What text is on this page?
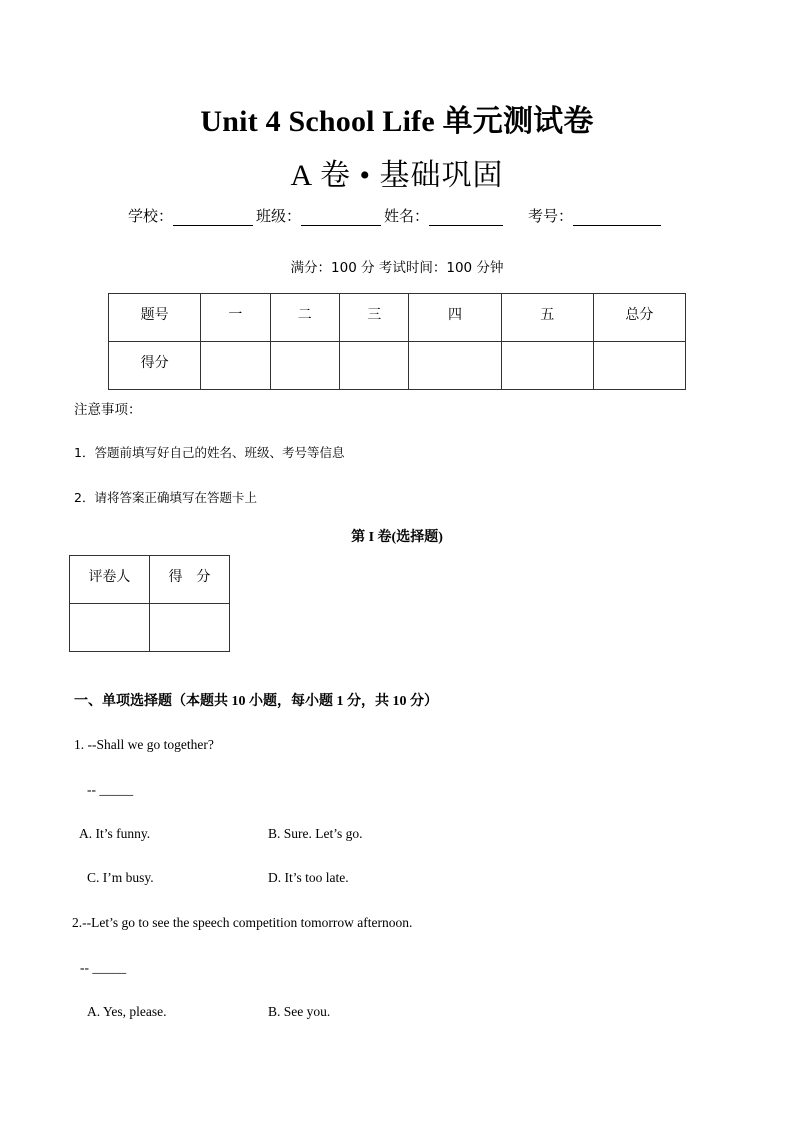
Unit 4 School Life 单元测试卷
A 卷 • 基础巩固
学校：	班级：	姓名：	考号：
满分：100 分 考试时间：100 分钟
题号	一	二	三	四	五	总分
得分						
注意事项：
1．答题前填写好自己的姓名、班级、考号等信息
2．请将答案正确填写在答题卡上
第 I 卷(选择题)
评卷人	得　分

一、单项选择题（本题共 10 小题，每小题 1 分，共 10 分）
1. --Shall we go together?
-- _____
A. It’s funny.	B. Sure. Let’s go.
C. I’m busy.	D. It’s too late.
2.--Let’s go to see the speech competition tomorrow afternoon.
-- _____
A. Yes, please.	B. See you.
